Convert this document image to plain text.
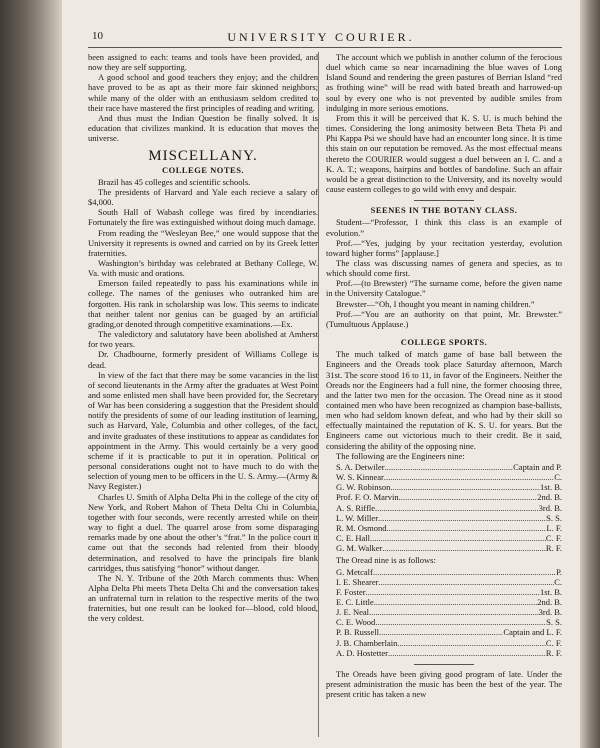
10	UNIVERSITY COURIER.

been assigned to each: teams and tools have been provided, and now they are self supporting.

A good school and good teachers they enjoy; and the children have proved to be as apt as their more fair skinned neighbors; while many of the older with an enthusiasm seldom credited to their race have mastered the first principles of reading and writing.

And thus must the Indian Question be finally solved. It is education that civilizes mankind. It is education that moves the universe.

MISCELLANY.
COLLEGE NOTES.

Brazil has 45 colleges and scientific schools.

The presidents of Harvard and Yale each recieve a salary of $4,000.

South Hall of Wabash college was fired by incendiaries. Fortunately the fire was extinguished without doing much damage.

From reading the “Wesleyan Bee,” one would suppose that the University it represents is owned and carried on by its Greek letter fraternities.

Washington’s birthday was celebrated at Bethany College, W. Va. with music and orations.

Emerson failed repeatedly to pass his examinations while in college. The names of the geniuses who outranked him are forgotten. His rank in scholarship was low. This seems to indicate that neither talent nor genius can be guaged by an artificial grading,or denoted through competitive examinations.—Ex.

The valedictory and salutatory have been abolished at Amherst for two years.

Dr. Chadbourne, formerly president of Williams College is dead.

In view of the fact that there may be some vacancies in the list of second lieutenants in the Army after the graduates at West Point and some enlisted men shall have been provided for, the Secretary of War has been considering a suggestion that the President should notify the presidents of some of our leading institution of learning, such as Harvard, Yale, Columbia and other colleges, of the fact, and invite graduates of these institutions to appear as candidates for appointment in the Army. This would certainly be a very good scheme if it is practicable to put it in operation. Political or personal considerations ought not to have much to do with the selection of young men to be officers in the U. S. Army.—(Army & Navy Register.)

Charles U. Smith of Alpha Delta Phi in the college of the city of New York, and Robert Mahon of Theta Delta Chi in Columbia, together with four seconds, were recently arrested while on their way to fight a duel. The quarrel arose from some disparaging remarks made by one about the other’s “frat.” In the police court it came out that the seconds had relented from their bloody determination, and resolved to have the principals fire blank cartridges, thus satisfying “honor” without danger.

The N. Y. Tribune of the 20th March comments thus: When Alpha Delta Phi meets Theta Delta Chi and the conversation takes an unfraternal turn in relation to the respective merits of the two fraternities, but one result can be looked for—blood, cold blood, the very coldest.

The account which we publish in another column of the ferocious duel which came so near incarnadining the blue waves of Long Island Sound and rendering the green pastures of Berrian Island “red as frothing wine” will be read with bated breath and harrowed-up soul by every one who is not prevented by audible smiles from indulging in more serious emotions.

From this it will be perceived that K. S. U. is much behind the times. Considering the long animosity between Beta Theta Pi and Phi Kappa Psi we should have had an encounter long since. It is time this stain on our reputation be removed. As the most effectual means thereto the COURIER would suggest a duel between an I. C. and a K. A. T.; weapons, hairpins and bottles of bandoline. Such an affair would be a great distinction to the University, and its novelty would cause eastern colleges to go wild with envy and despair.

SEENES IN THE BOTANY CLASS.

Student—“Professor, I think this class is an example of evolution.”

Prof.—“Yes, judging by your recitation yesterday, evolution toward higher forms” [applause.]

The class was discussing names of genera and species, as to which should come first.

Prof.—(to Brewster) “The surname come, before the given name in the University Catalogue.”

Brewster—“Oh, I thought you meant in naming children.”

Prof.—“You are an authority on that point, Mr. Brewster.” (Tumultuous Applause.)

COLLEGE SPORTS.

The much talked of match game of base ball between the Engineers and the Oreads took place Saturday afternoon, March 31st. The score stood 16 to 11, in favor of the Engineers. Neither the Oreads nor the Engineers had a full nine, the former choosing three, and the latter two men for the occasion. The Oread nine as it stood contained men who have been recognized as champion base-ballists, men who had seldom known defeat, and who had by their skill so effectually maintained the reputation of K. S. U. for years. But the Engineers came out victorious much to their credit. Be it said, considering the ability of the opposing nine.

The following are the Engineers nine:

S. A. Detwiler .....	Captain and P.
W. S. Kinnear .....	C.
G. W. Robinson .....	1st. B.
Prof. F. O. Marvin .....	2nd. B.
A. S. Riffle .....	3rd. B.
L. W. Miller .....	S. S.
R. M. Osmond .....	L. F.
C. E. Hall .....	C. F.
G. M. Walker .....	R. F.

The Oread nine is as follows:

G. Metcalf .....	P.
I. E. Shearer .....	C.
F. Foster .....	1st. B.
E. C. Little .....	2nd. B.
J. E. Neal .....	3rd. B.
C. E. Wood .....	S. S.
P. B. Russell .....	Captain and L. F.
J. B. Chamberlain .....	C. F.
A. D. Hostetter .....	R. F.

The Oreads have been giving good program of late. Under the present administration the music has been the best of the year. The present critic has taken a new
